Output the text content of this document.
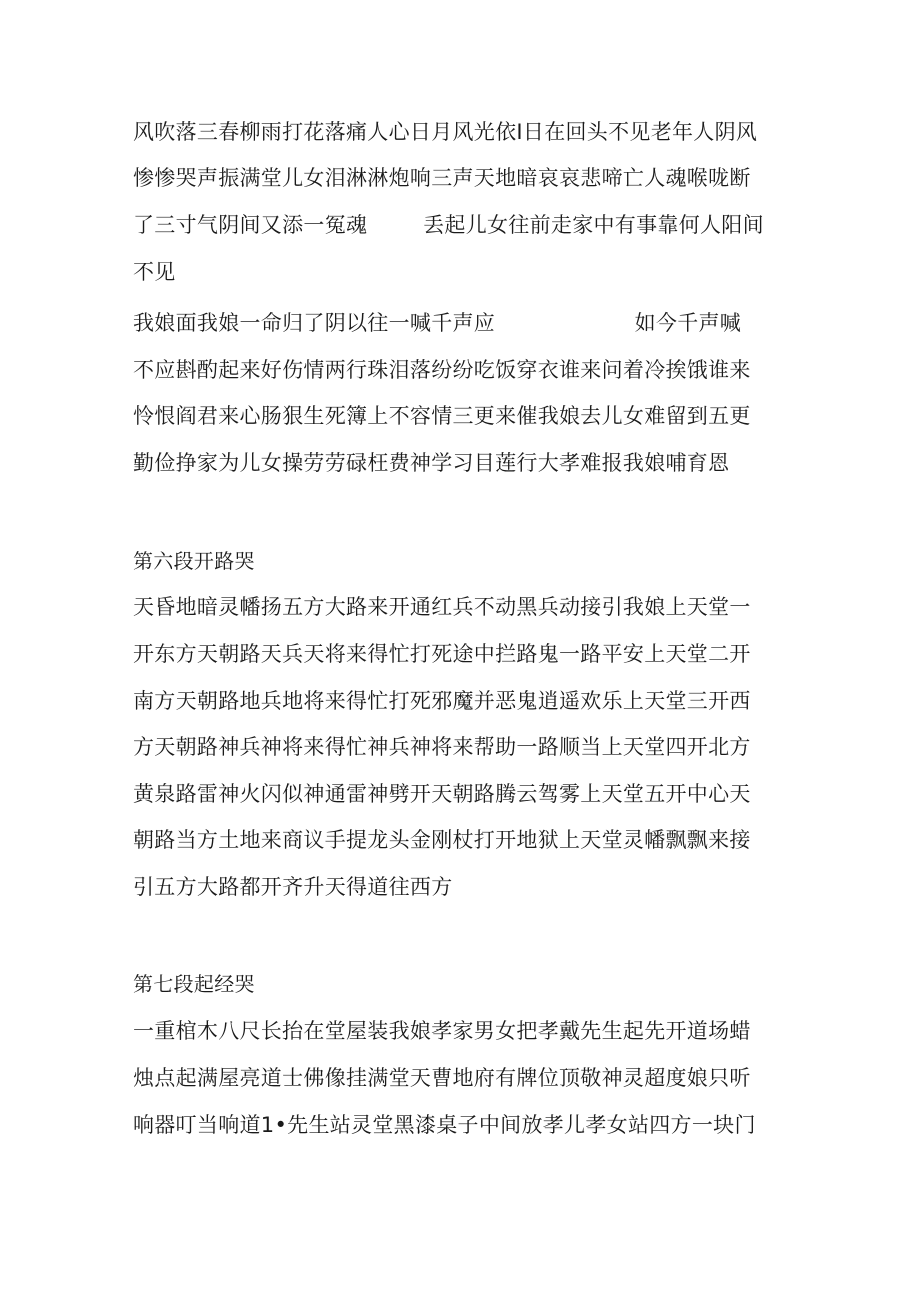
风吹落三春柳雨打花落痛人心日月风光依Ⅰ日在回头不见老年人阴风
惨惨哭声振满堂儿女泪淋淋炮响三声天地暗哀哀悲啼亡人魂喉咙断
了三寸气阴间又添一冤魂        丢起儿女往前走家中有事靠何人阳间
不见
我娘面我娘一命归了阴以往一喊千声应                    如今千声喊
不应斟酌起来好伤情两行珠泪落纷纷吃饭穿衣谁来问着冷挨饿谁来
怜恨阎君来心肠狠生死簿上不容情三更来催我娘去儿女难留到五更
勤俭挣家为儿女操劳劳碌枉费神学习目莲行大孝难报我娘哺育恩
第六段开路哭
天昏地暗灵幡扬五方大路来开通红兵不动黑兵动接引我娘上天堂一
开东方天朝路天兵天将来得忙打死途中拦路鬼一路平安上天堂二开
南方天朝路地兵地将来得忙打死邪魔并恶鬼逍遥欢乐上天堂三开西
方天朝路神兵神将来得忙神兵神将来帮助一路顺当上天堂四开北方
黄泉路雷神火闪似神通雷神劈开天朝路腾云驾雾上天堂五开中心天
朝路当方土地来商议手提龙头金刚杖打开地狱上天堂灵幡飘飘来接
引五方大路都开齐升天得道往西方
第七段起经哭
一重棺木八尺长抬在堂屋装我娘孝家男女把孝戴先生起先开道场蜡
烛点起满屋亮道士佛像挂满堂天曹地府有牌位顶敬神灵超度娘只听
响器叮当响道1•先生站灵堂黑漆桌子中间放孝儿孝女站四方一块门
